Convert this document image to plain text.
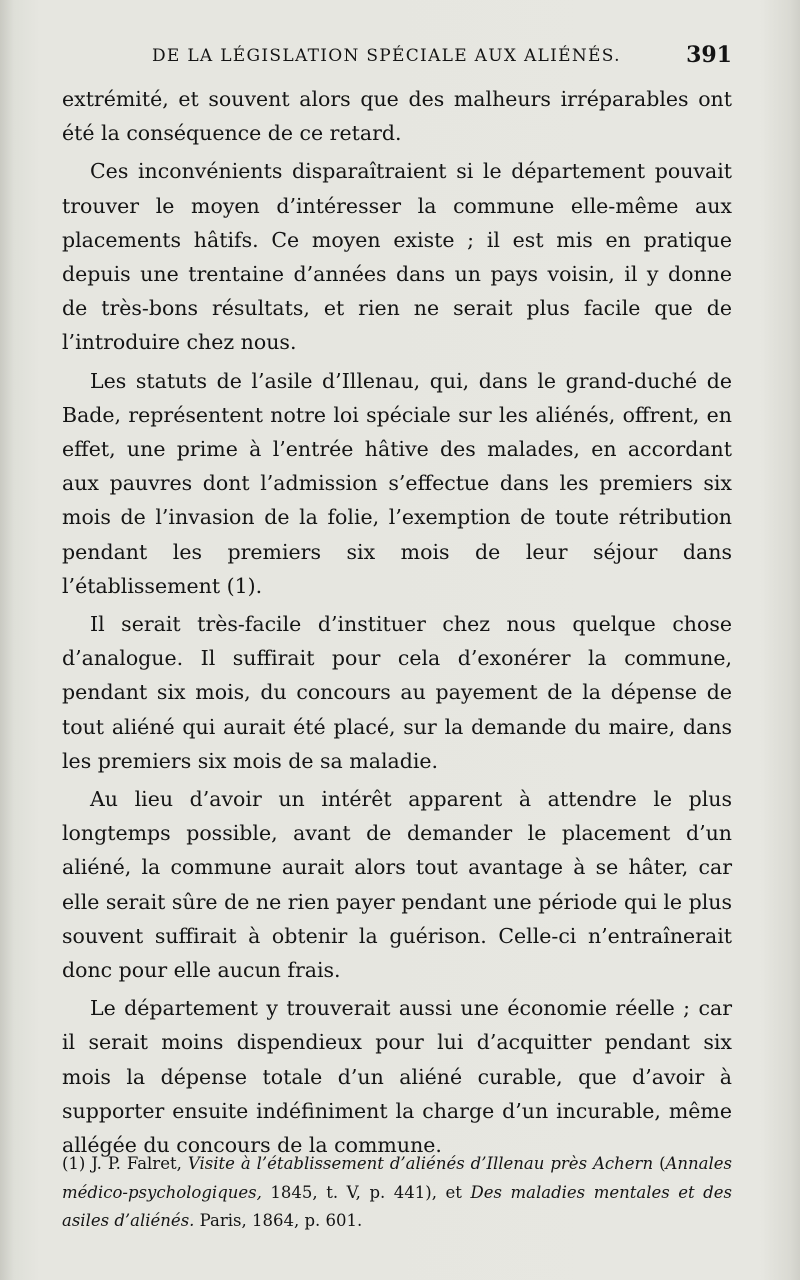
DE LA LÉGISLATION SPÉCIALE AUX ALIÉNÉS.	391

extrémité, et souvent alors que des malheurs irréparables ont été la conséquence de ce retard.

Ces inconvénients disparaîtraient si le département pouvait trouver le moyen d’intéresser la commune elle-même aux placements hâtifs. Ce moyen existe ; il est mis en pratique depuis une trentaine d’années dans un pays voisin, il y donne de très-bons résultats, et rien ne serait plus facile que de l’introduire chez nous.

Les statuts de l’asile d’Illenau, qui, dans le grand-duché de Bade, représentent notre loi spéciale sur les aliénés, offrent, en effet, une prime à l’entrée hâtive des malades, en accordant aux pauvres dont l’admission s’effectue dans les premiers six mois de l’invasion de la folie, l’exemption de toute rétribution pendant les premiers six mois de leur séjour dans l’établissement (1).

Il serait très-facile d’instituer chez nous quelque chose d’analogue. Il suffirait pour cela d’exonérer la commune, pendant six mois, du concours au payement de la dépense de tout aliéné qui aurait été placé, sur la demande du maire, dans les premiers six mois de sa maladie.

Au lieu d’avoir un intérêt apparent à attendre le plus longtemps possible, avant de demander le placement d’un aliéné, la commune aurait alors tout avantage à se hâter, car elle serait sûre de ne rien payer pendant une période qui le plus souvent suffirait à obtenir la guérison. Celle-ci n’entraînerait donc pour elle aucun frais.

Le département y trouverait aussi une économie réelle ; car il serait moins dispendieux pour lui d’acquitter pendant six mois la dépense totale d’un aliéné curable, que d’avoir à supporter ensuite indéfiniment la charge d’un incurable, même allégée du concours de la commune.

(1) J. P. Falret, Visite à l’établissement d’aliénés d’Illenau près Achern (Annales médico-psychologiques, 1845, t. V, p. 441), et Des maladies mentales et des asiles d’aliénés. Paris, 1864, p. 601.
